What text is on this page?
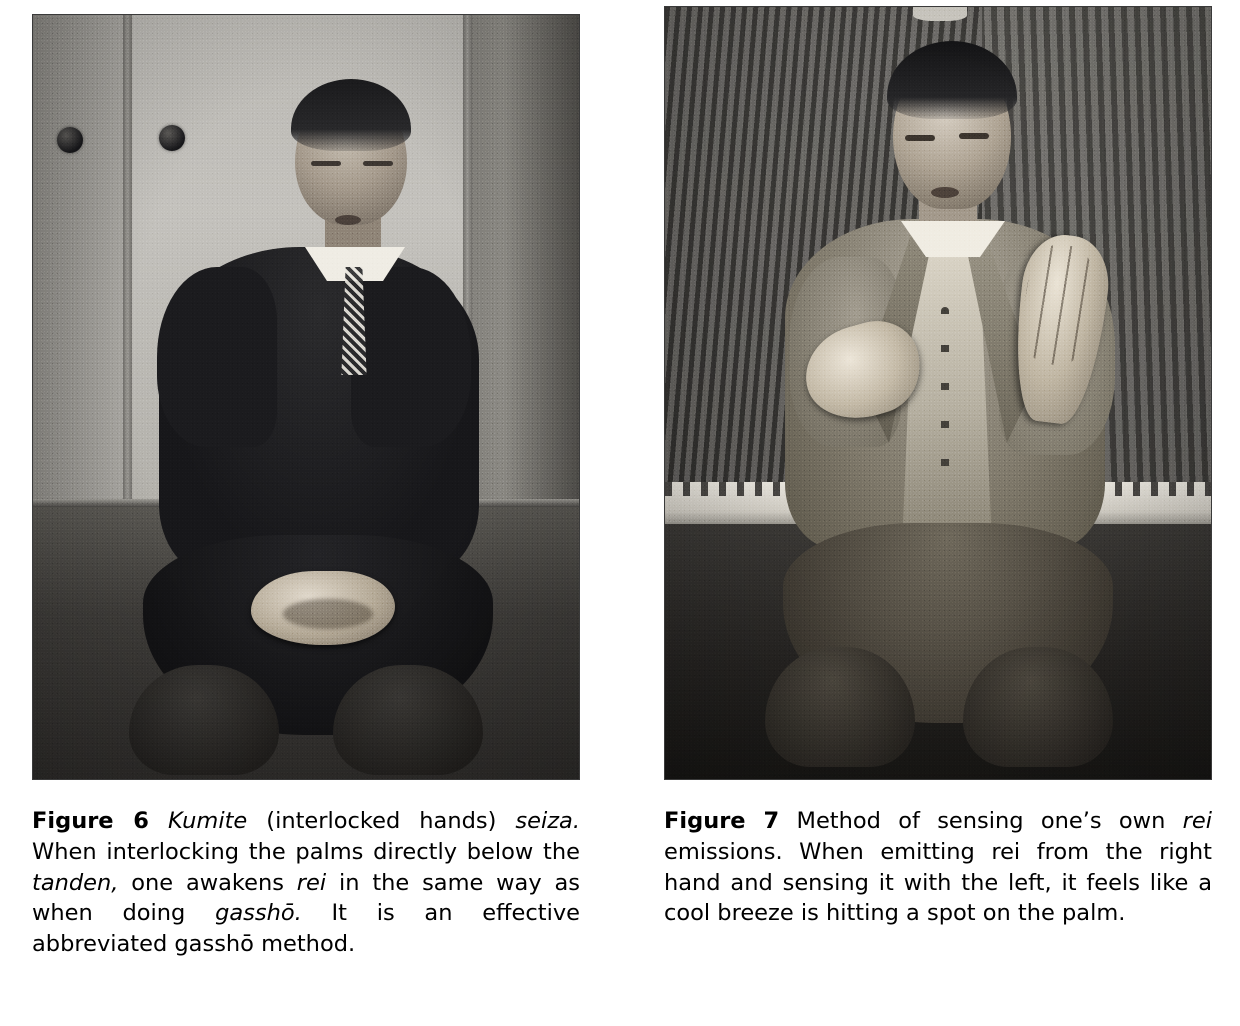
Figure 6 Kumite (interlocked hands) seiza. When interlocking the palms directly below the tanden, one awakens rei in the same way as when doing gasshō. It is an effective abbreviated gasshō method.

Figure 7 Method of sensing one’s own rei emissions. When emitting rei from the right hand and sensing it with the left, it feels like a cool breeze is hitting a spot on the palm.
